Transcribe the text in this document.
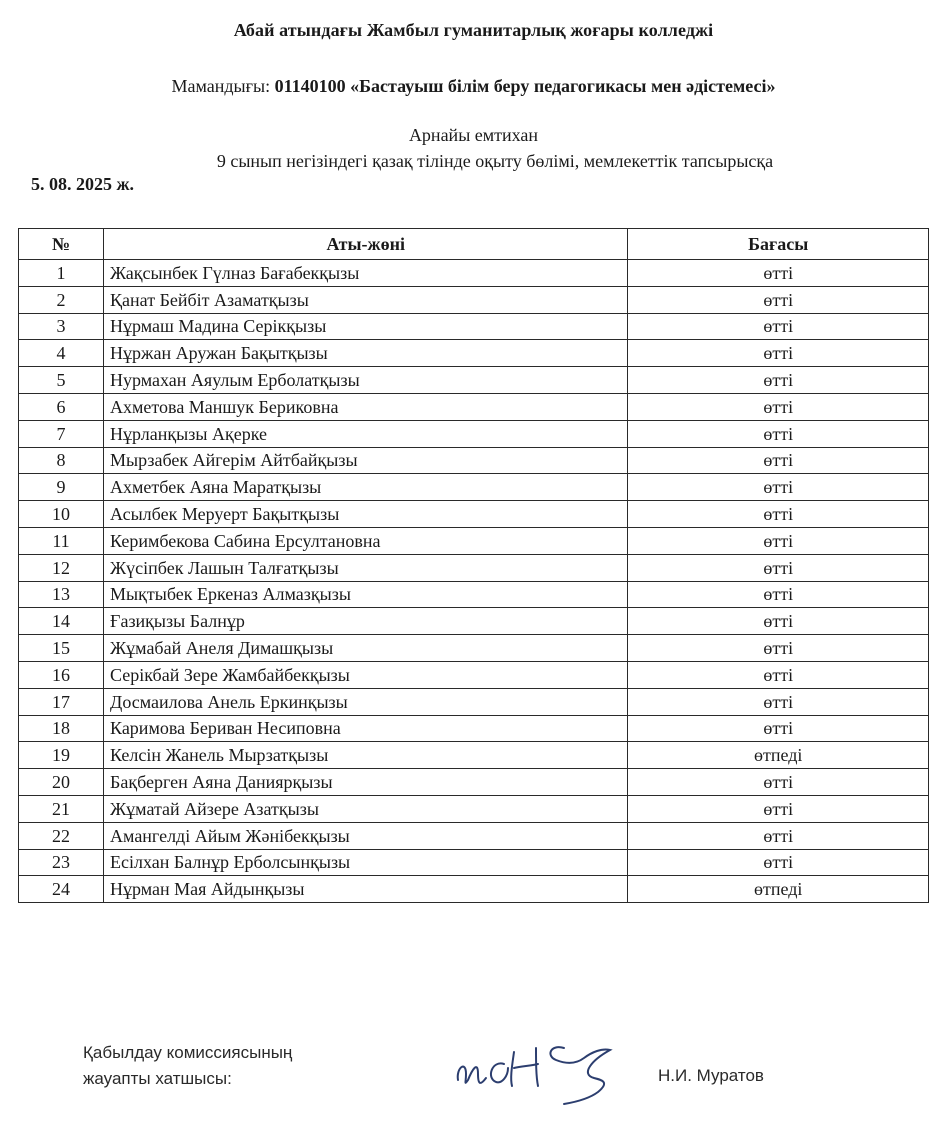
Абай атындағы Жамбыл гуманитарлық жоғары колледжі
Мамандығы: 01140100 «Бастауыш білім беру педагогикасы мен әдістемесі»
Арнайы емтихан
9 сынып негізіндегі қазақ тілінде оқыту бөлімі, мемлекеттік тапсырысқа
5. 08. 2025 ж.
№	Аты-жөні	Бағасы
1	Жақсынбек Гүлназ Бағабекқызы	өтті
2	Қанат Бейбіт Азаматқызы	өтті
3	Нұрмаш Мадина Серікқызы	өтті
4	Нұржан Аружан Бақытқызы	өтті
5	Нурмахан Аяулым Ерболатқызы	өтті
6	Ахметова Маншук Бериковна	өтті
7	Нұрланқызы Ақерке	өтті
8	Мырзабек Айгерім Айтбайқызы	өтті
9	Ахметбек Аяна Маратқызы	өтті
10	Асылбек Меруерт Бақытқызы	өтті
11	Керимбекова Сабина Ерсултановна	өтті
12	Жүсіпбек Лашын Талғатқызы	өтті
13	Мықтыбек Еркеназ Алмазқызы	өтті
14	Ғазиқызы Балнұр	өтті
15	Жұмабай Анеля Димашқызы	өтті
16	Серікбай Зере Жамбайбекқызы	өтті
17	Досмаилова Анель Еркинқызы	өтті
18	Каримова Бериван Несиповна	өтті
19	Келсін Жанель Мырзатқызы	өтпеді
20	Бақберген Аяна Даниярқызы	өтті
21	Жұматай Айзере Азатқызы	өтті
22	Амангелді Айым Жәнібекқызы	өтті
23	Есілхан Балнұр Ерболсынқызы	өтті
24	Нұрман Мая Айдынқызы	өтпеді
Қабылдау комиссиясының
жауапты хатшысы:	Н.И. Муратов
